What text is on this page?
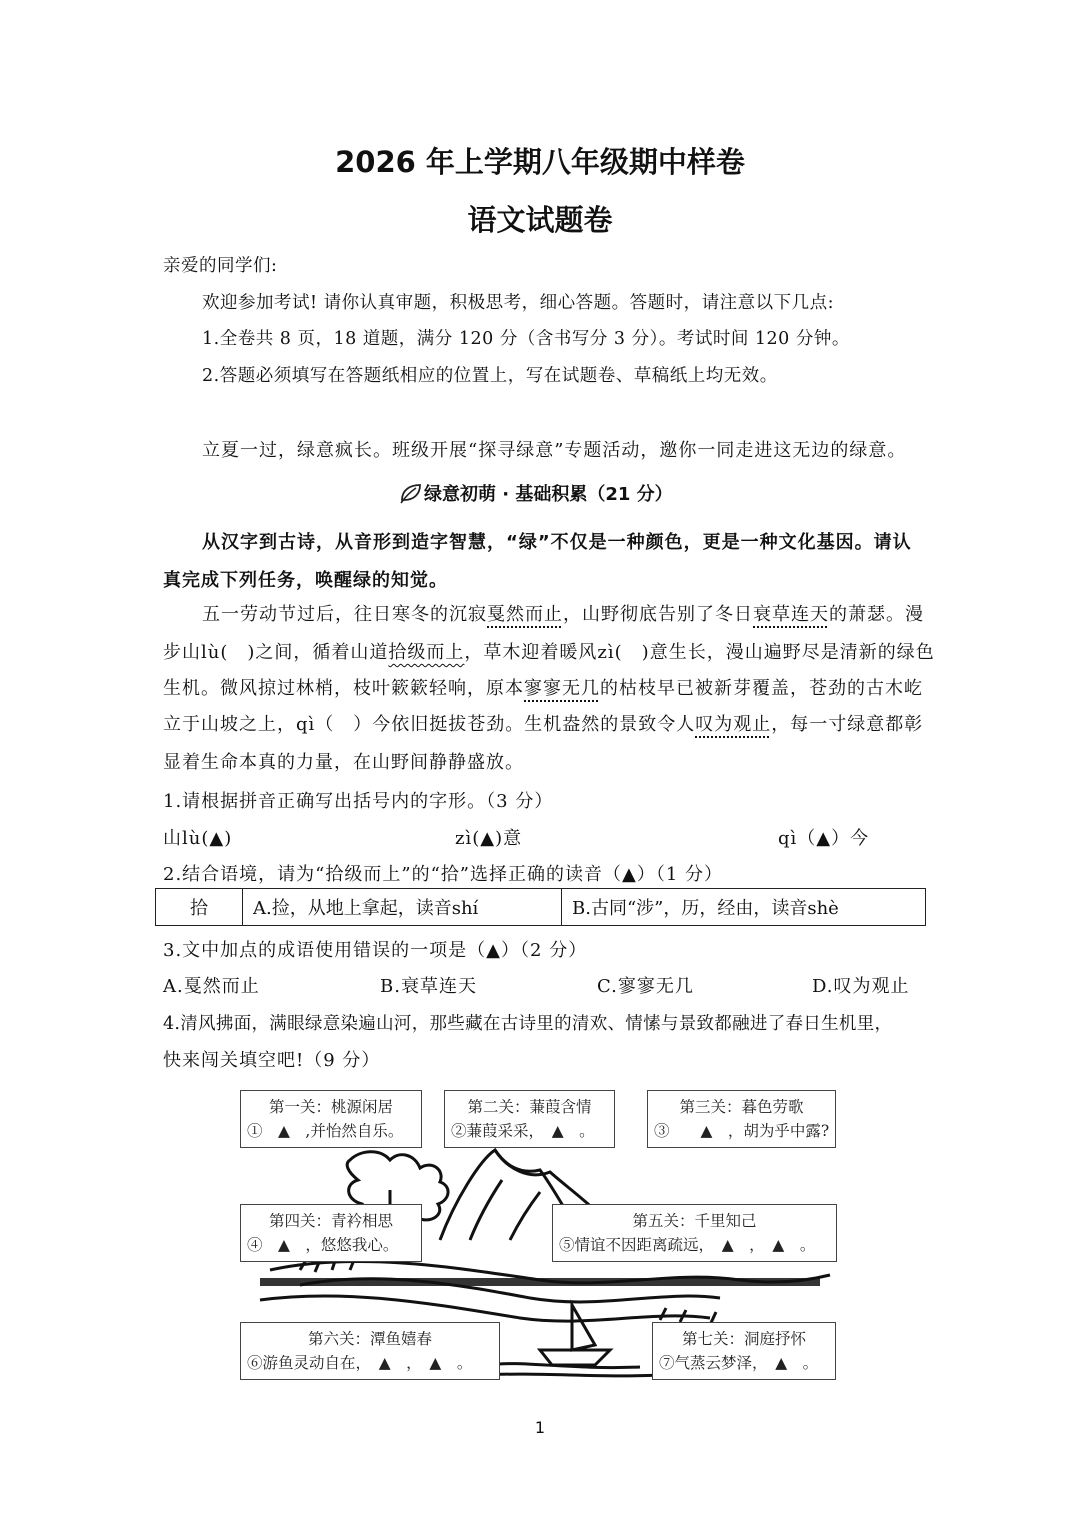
2026 年上学期八年级期中样卷
语文试题卷
亲爱的同学们:
欢迎参加考试! 请你认真审题，积极思考，细心答题。答题时，请注意以下几点:
1.全卷共 8 页，18 道题，满分 120 分（含书写分 3 分）。考试时间 120 分钟。
2.答题必须填写在答题纸相应的位置上，写在试题卷、草稿纸上均无效。
立夏一过，绿意疯长。班级开展“探寻绿意”专题活动，邀你一同走进这无边的绿意。
绿意初萌 · 基础积累（21 分）
从汉字到古诗，从音形到造字智慧，“绿”不仅是一种颜色，更是一种文化基因。请认
真完成下列任务，唤醒绿的知觉。
五一劳动节过后，往日寒冬的沉寂戛然而止，山野彻底告别了冬日衰草连天的萧瑟。漫
步山lù(　)之间，循着山道拾级而上，草木迎着暖风zì(　)意生长，漫山遍野尽是清新的绿色
生机。微风掠过林梢，枝叶簌簌轻响，原本寥寥无几的枯枝早已被新芽覆盖，苍劲的古木屹
立于山坡之上，qì（　）今依旧挺拔苍劲。生机盎然的景致令人叹为观止，每一寸绿意都彰
显着生命本真的力量，在山野间静静盛放。
1.请根据拼音正确写出括号内的字形。（3 分）
山lù(▲)	zì(▲)意	qì（▲）今
2.结合语境，请为“拾级而上”的“拾”选择正确的读音（▲）（1 分）
拾	A.捡，从地上拿起，读音shí	B.古同“涉”，历，经由，读音shè
3.文中加点的成语使用错误的一项是（▲）（2 分）
A.戛然而止	B.衰草连天	C.寥寥无几	D.叹为观止
4.清风拂面，满眼绿意染遍山河，那些藏在古诗里的清欢、情愫与景致都融进了春日生机里，
快来闯关填空吧!（9 分）
第一关：桃源闲居
①　▲　,并怡然自乐。
第二关：蒹葭含情
②蒹葭采采，　▲　。
第三关：暮色劳歌
③　　▲　，胡为乎中露?
第四关：青衿相思
④　▲　，悠悠我心。
第五关：千里知己
⑤情谊不因距离疏远，　▲　，　▲　。
第六关：潭鱼嬉春
⑥游鱼灵动自在，　▲　，　▲　。
第七关：洞庭抒怀
⑦气蒸云梦泽，　▲　。
1
